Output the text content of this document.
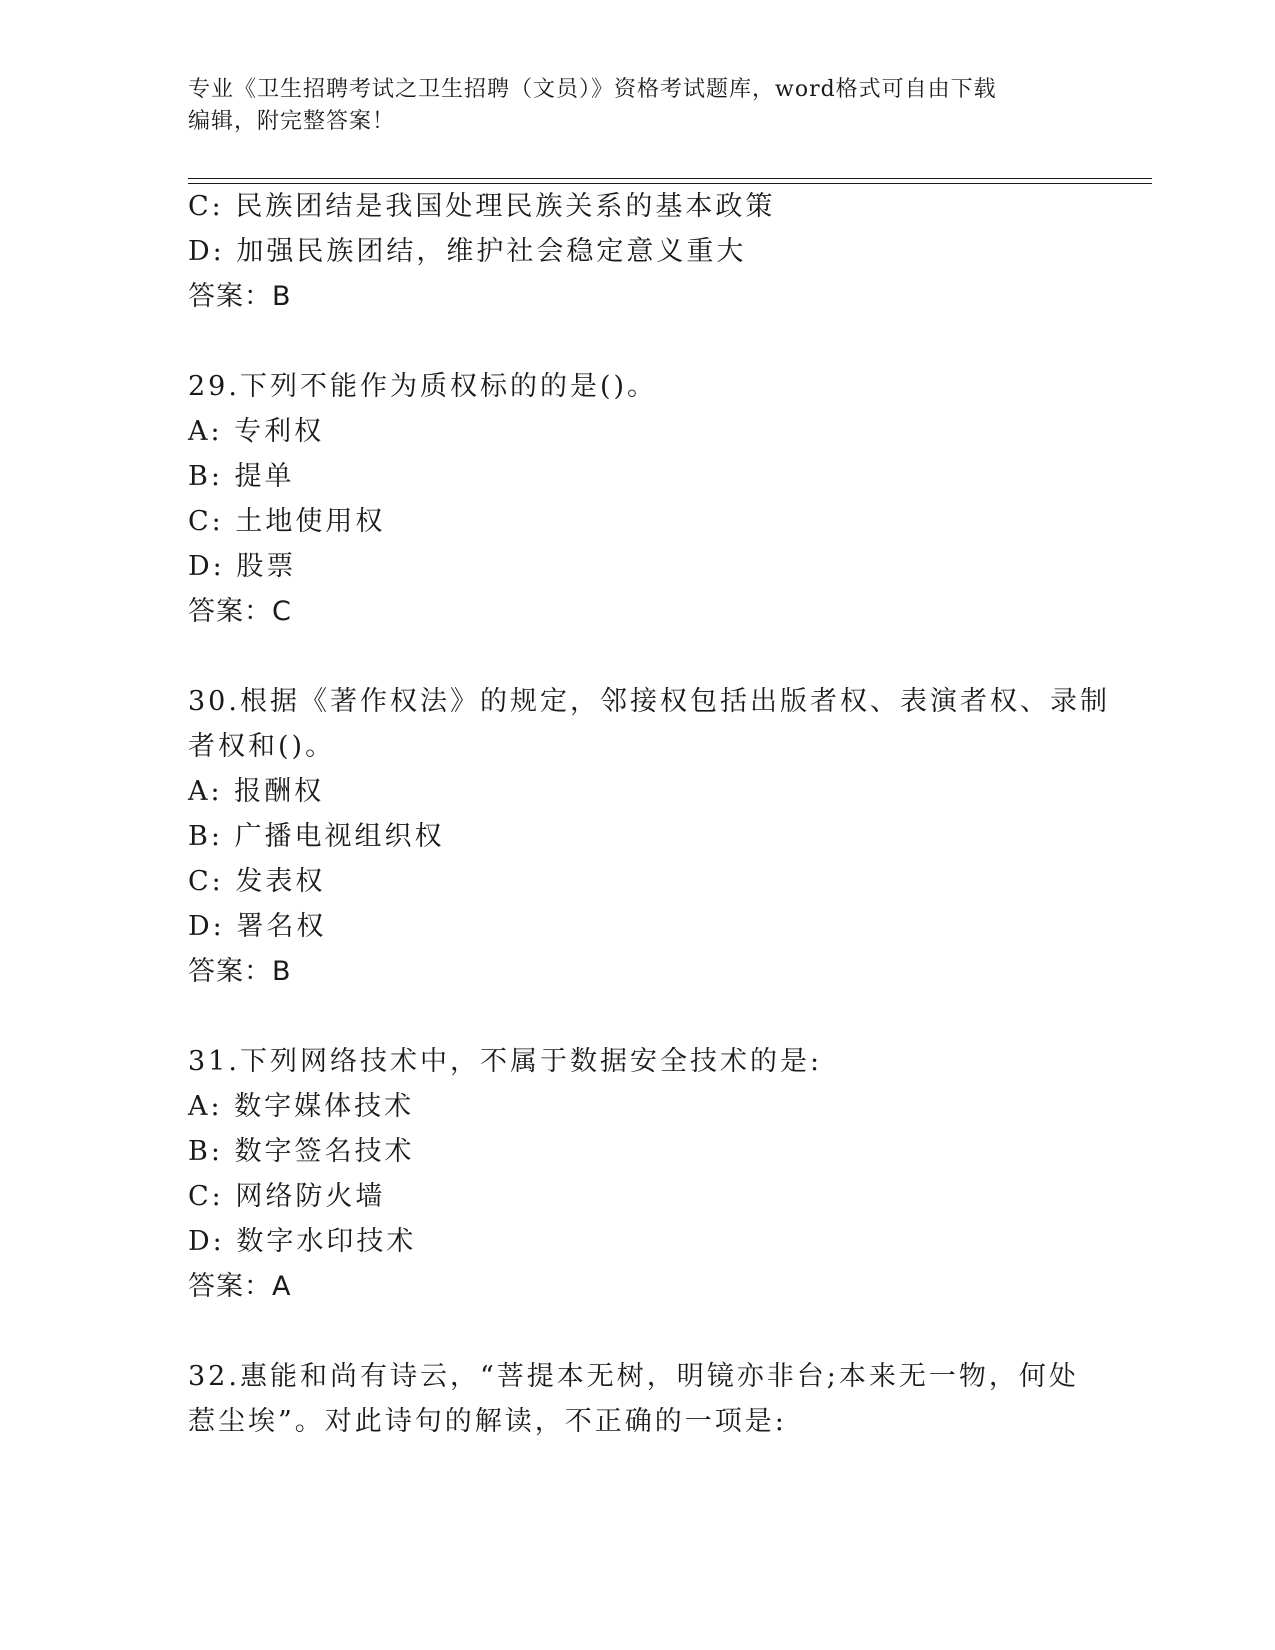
专业《卫生招聘考试之卫生招聘（文员）》资格考试题库，word格式可自由下载
编辑，附完整答案！
C: 民族团结是我国处理民族关系的基本政策
D: 加强民族团结，维护社会稳定意义重大
答案：B
29.下列不能作为质权标的的是()。
A: 专利权
B: 提单
C: 土地使用权
D: 股票
答案：C
30.根据《著作权法》的规定，邻接权包括出版者权、表演者权、录制
者权和()。
A: 报酬权
B: 广播电视组织权
C: 发表权
D: 署名权
答案：B
31.下列网络技术中，不属于数据安全技术的是:
A: 数字媒体技术
B: 数字签名技术
C: 网络防火墙
D: 数字水印技术
答案：A
32.惠能和尚有诗云，“菩提本无树，明镜亦非台;本来无一物，何处
惹尘埃”。对此诗句的解读，不正确的一项是:
